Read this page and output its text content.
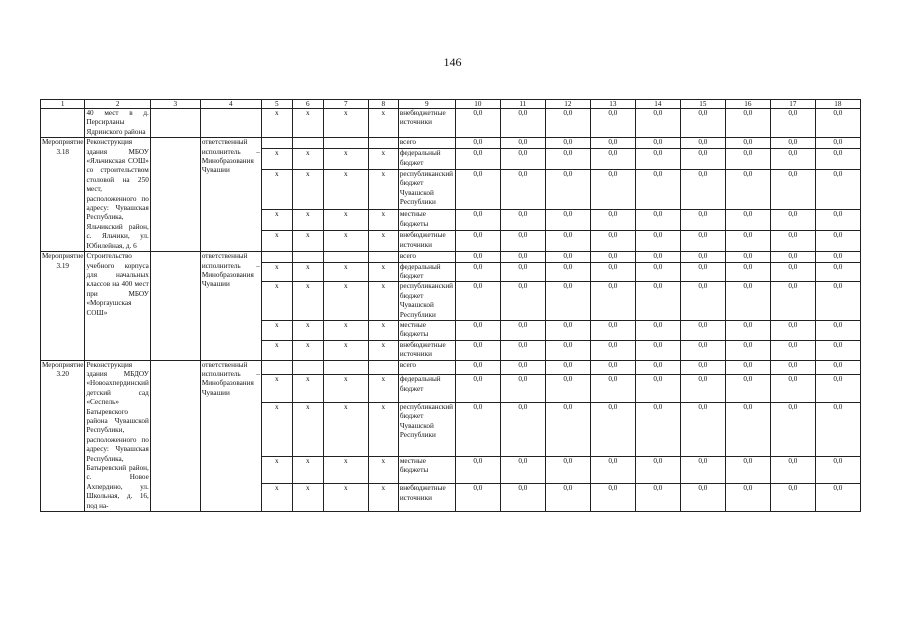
146
1	2	3	4	5	6	7	8	9	10	11	12	13	14	15	16	17	18
	40 мест в д. Персирланы Ядринского района			x	x	x	x	внебюджетные источники	0,0	0,0	0,0	0,0	0,0	0,0	0,0	0,0	0,0
Мероприятие 3.18	Реконструкция здания МБОУ «Яльчикская СОШ» со строительством столовой на 250 мест, расположенного по адресу: Чувашская Республика, Яльчикский район, с. Яльчики, ул. Юбилейная, д. 6		ответственный исполнитель – Минобразования Чувашии					всего	0,0	0,0	0,0	0,0	0,0	0,0	0,0	0,0	0,0
				x	x	x	x	федеральный бюджет	0,0	0,0	0,0	0,0	0,0	0,0	0,0	0,0	0,0
				x	x	x	x	республиканский бюджет Чувашской Республики	0,0	0,0	0,0	0,0	0,0	0,0	0,0	0,0	0,0
				x	x	x	x	местные бюджеты	0,0	0,0	0,0	0,0	0,0	0,0	0,0	0,0	0,0
				x	x	x	x	внебюджетные источники	0,0	0,0	0,0	0,0	0,0	0,0	0,0	0,0	0,0
Мероприятие 3.19	Строительство учебного корпуса для начальных классов на 400 мест при МБОУ «Моргаушская СОШ»		ответственный исполнитель – Минобразования Чувашии					всего	0,0	0,0	0,0	0,0	0,0	0,0	0,0	0,0	0,0
				x	x	x	x	федеральный бюджет	0,0	0,0	0,0	0,0	0,0	0,0	0,0	0,0	0,0
				x	x	x	x	республиканский бюджет Чувашской Республики	0,0	0,0	0,0	0,0	0,0	0,0	0,0	0,0	0,0
				x	x	x	x	местные бюджеты	0,0	0,0	0,0	0,0	0,0	0,0	0,0	0,0	0,0
				x	x	x	x	внебюджетные источники	0,0	0,0	0,0	0,0	0,0	0,0	0,0	0,0	0,0
Мероприятие 3.20	Реконструкция здания МБДОУ «Новоахпердинский детский сад «Сеспель» Батыревского района Чувашской Республики, расположенного по адресу: Чувашская Республика, Батыревский район, с. Новое Ахпердино, ул. Школьная, д. 16, под на-		ответственный исполнитель – Минобразования Чувашии					всего	0,0	0,0	0,0	0,0	0,0	0,0	0,0	0,0	0,0
				x	x	x	x	федеральный бюджет	0,0	0,0	0,0	0,0	0,0	0,0	0,0	0,0	0,0
				x	x	x	x	республиканский бюджет Чувашской Республики	0,0	0,0	0,0	0,0	0,0	0,0	0,0	0,0	0,0
				x	x	x	x	местные бюджеты	0,0	0,0	0,0	0,0	0,0	0,0	0,0	0,0	0,0
				x	x	x	x	внебюджетные источники	0,0	0,0	0,0	0,0	0,0	0,0	0,0	0,0	0,0
